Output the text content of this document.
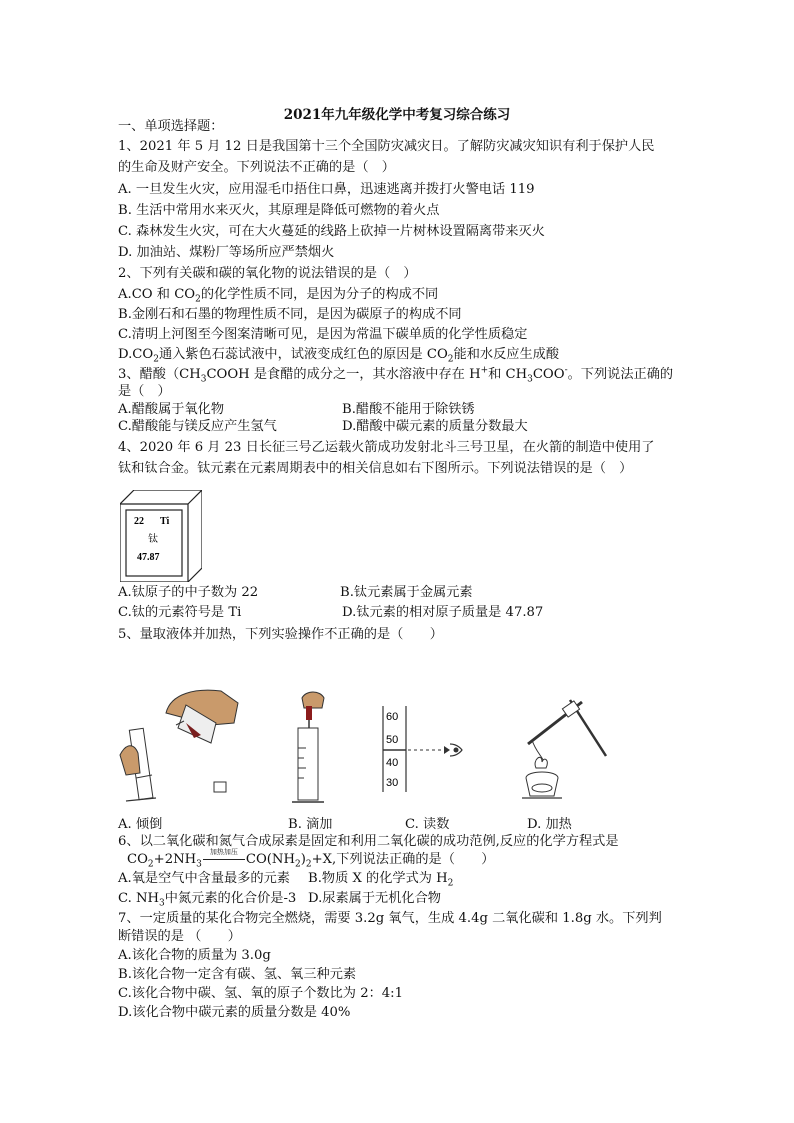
2021年九年级化学中考复习综合练习
一、单项选择题：
1、2021 年 5 月 12 日是我国第十三个全国防灾减灾日。了解防灾减灾知识有利于保护人民
的生命及财产安全。下列说法不正确的是（　）
A. 一旦发生火灾，应用湿毛巾捂住口鼻，迅速逃离并拨打火警电话 119
B. 生活中常用水来灭火，其原理是降低可燃物的着火点
C. 森林发生火灾，可在大火蔓延的线路上砍掉一片树林设置隔离带来灭火
D. 加油站、煤粉厂等场所应严禁烟火
2、下列有关碳和碳的氧化物的说法错误的是（　）
A.CO 和 $CO_2$的化学性质不同，是因为分子的构成不同
B.金刚石和石墨的物理性质不同，是因为碳原子的构成不同
C.清明上河图至今图案清晰可见，是因为常温下碳单质的化学性质稳定
$D.CO_2$通入紫色石蕊试液中，试液变成红色的原因是 $CO_2$能和水反应生成酸
3、醋酸（$CH_3COOH$ 是食醋的成分之一，其水溶液中存在 H+和 $CH_3COO^-$。下列说法正确的
是（　）
A.醋酸属于氧化物	B.醋酸不能用于除铁锈
C.醋酸能与镁反应产生氢气	D.醋酸中碳元素的质量分数最大
4、2020 年 6 月 23 日长征三号乙运载火箭成功发射北斗三号卫星，在火箭的制造中使用了
钛和钛合金。钛元素在元素周期表中的相关信息如右下图所示。下列说法错误的是（　）
22 Ti
钛
47.87
A.钛原子的中子数为 22	B.钛元素属于金属元素
C.钛的元素符号是 Ti	D.钛元素的相对原子质量是 47.87
5、量取液体并加热，下列实验操作不正确的是（　　）
60
50
40
30
A. 倾倒	B. 滴加	C. 读数	D. 加热
6、以二氧化碳和氮气合成尿素是固定和利用二氧化碳的成功范例,反应的化学方程式是
$CO_2+2NH_3$
加热加压 $CO(NH_2)_2+X$,下列说法正确的是（　　）
A.氧是空气中含量最多的元素 B.物质 X 的化学式为 $H_2$
C. $NH_3$中氮元素的化合价是-3 D.尿素属于无机化合物
7、一定质量的某化合物完全燃烧，需要 3.2g 氧气，生成 4.4g 二氧化碳和 1.8g 水。下列判
断错误的是 （　　）
A.该化合物的质量为 3.0g
B.该化合物一定含有碳、氢、氧三种元素
C.该化合物中碳、氢、氧的原子个数比为 2：4:1
D.该化合物中碳元素的质量分数是 40%
